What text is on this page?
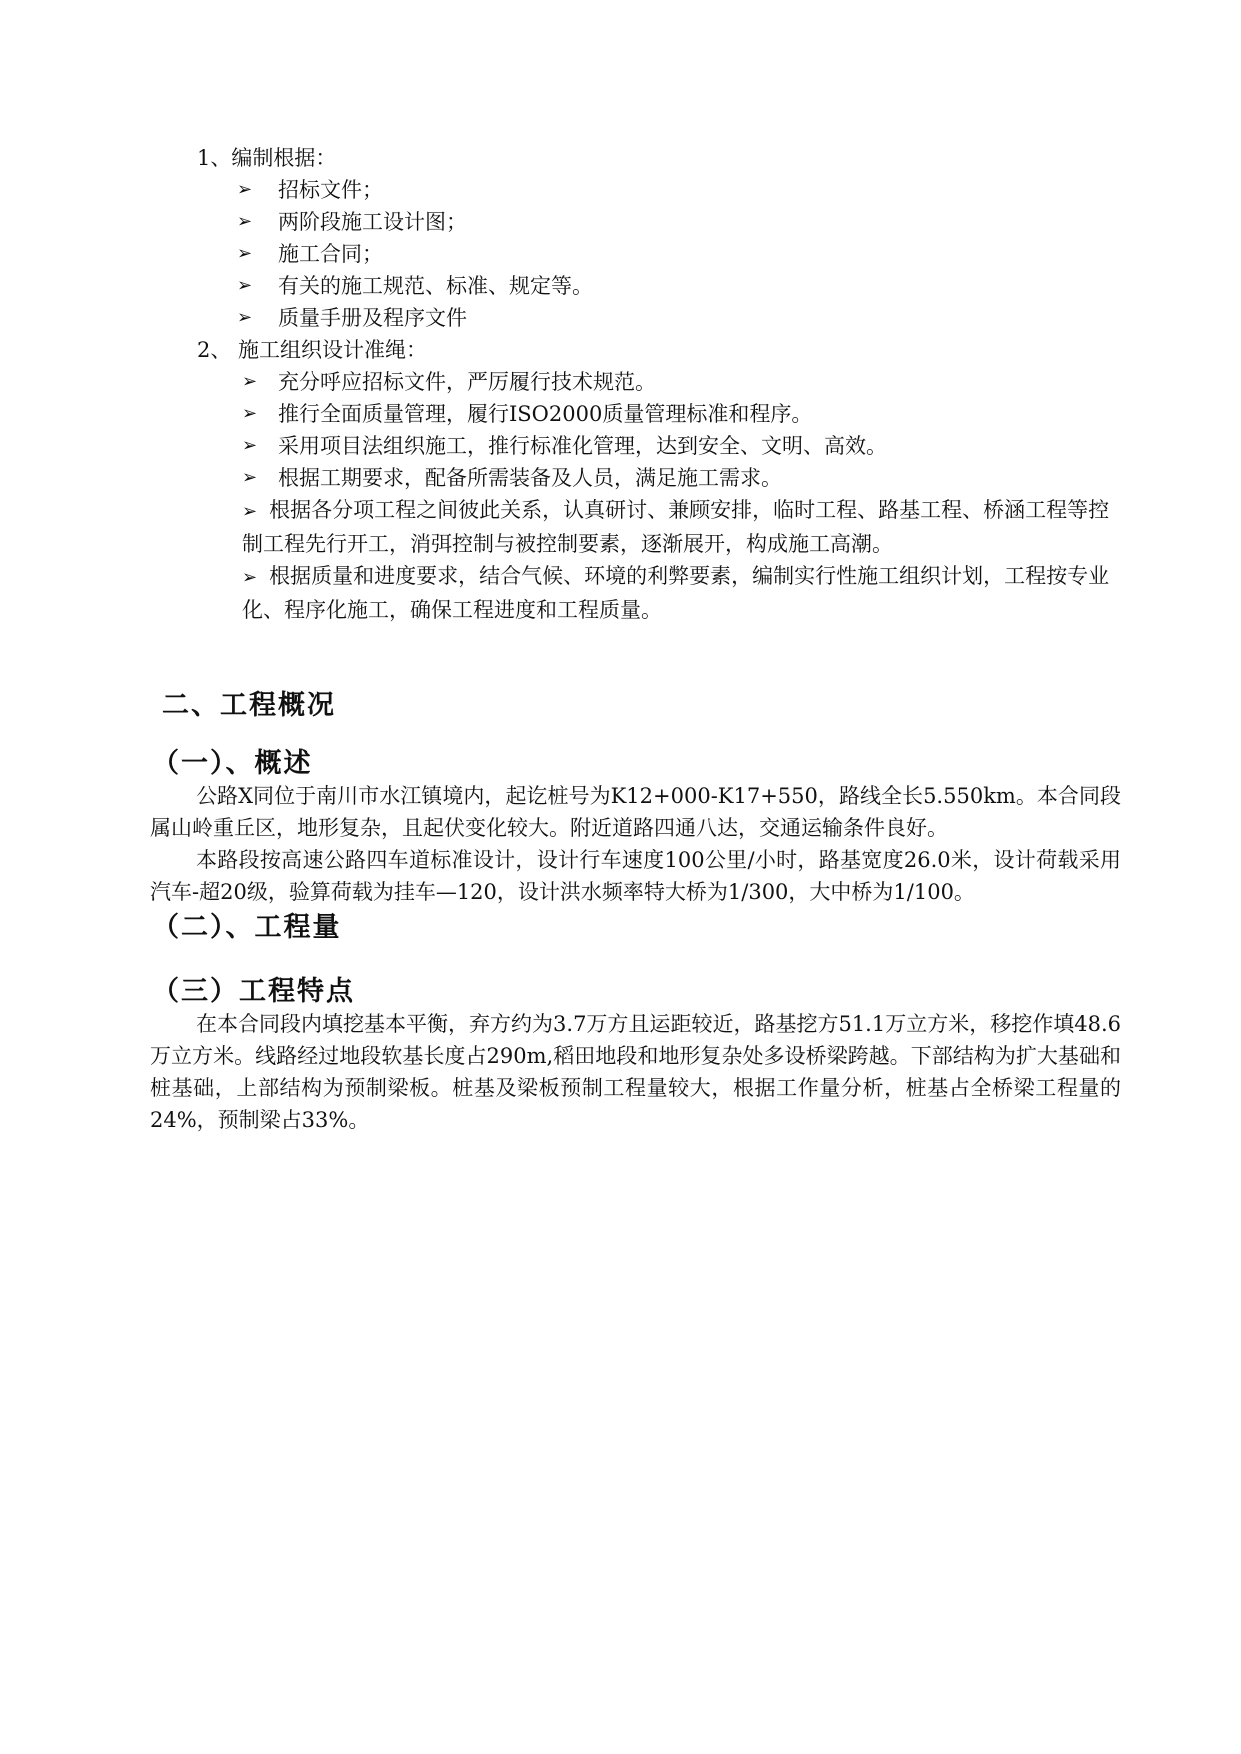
1、编制根据：
➢ 招标文件；
➢ 两阶段施工设计图；
➢ 施工合同；
➢ 有关的施工规范、标准、规定等。
➢ 质量手册及程序文件
2、 施工组织设计准绳：
➢ 充分呼应招标文件，严厉履行技术规范。
➢ 推行全面质量管理，履行ISO2000质量管理标准和程序。
➢ 采用项目法组织施工，推行标准化管理，达到安全、文明、高效。
➢ 根据工期要求，配备所需装备及人员，满足施工需求。
➢ 根据各分项工程之间彼此关系，认真研讨、兼顾安排，临时工程、路基工程、桥涵工程等控制工程先行开工，消弭控制与被控制要素，逐渐展开，构成施工高潮。
➢ 根据质量和进度要求，结合气候、环境的利弊要素，编制实行性施工组织计划，工程按专业化、程序化施工，确保工程进度和工程质量。
二、工程概况
（一）、概述

公路X同位于南川市水江镇境内，起讫桩号为K12+000-K17+550，路线全长5.550km。本合同段属山岭重丘区，地形复杂，且起伏变化较大。附近道路四通八达，交通运输条件良好。

本路段按高速公路四车道标准设计，设计行车速度100公里/小时，路基宽度26.0米，设计荷载采用汽车-超20级，验算荷载为挂车—120，设计洪水频率特大桥为1/300，大中桥为1/100。

（二）、工程量
（三）工程特点

在本合同段内填挖基本平衡，弃方约为3.7万方且运距较近，路基挖方51.1万立方米，移挖作填48.6万立方米。线路经过地段软基长度占290m,稻田地段和地形复杂处多设桥梁跨越。下部结构为扩大基础和桩基础，上部结构为预制梁板。桩基及梁板预制工程量较大，根据工作量分析，桩基占全桥梁工程量的24%，预制梁占33%。
